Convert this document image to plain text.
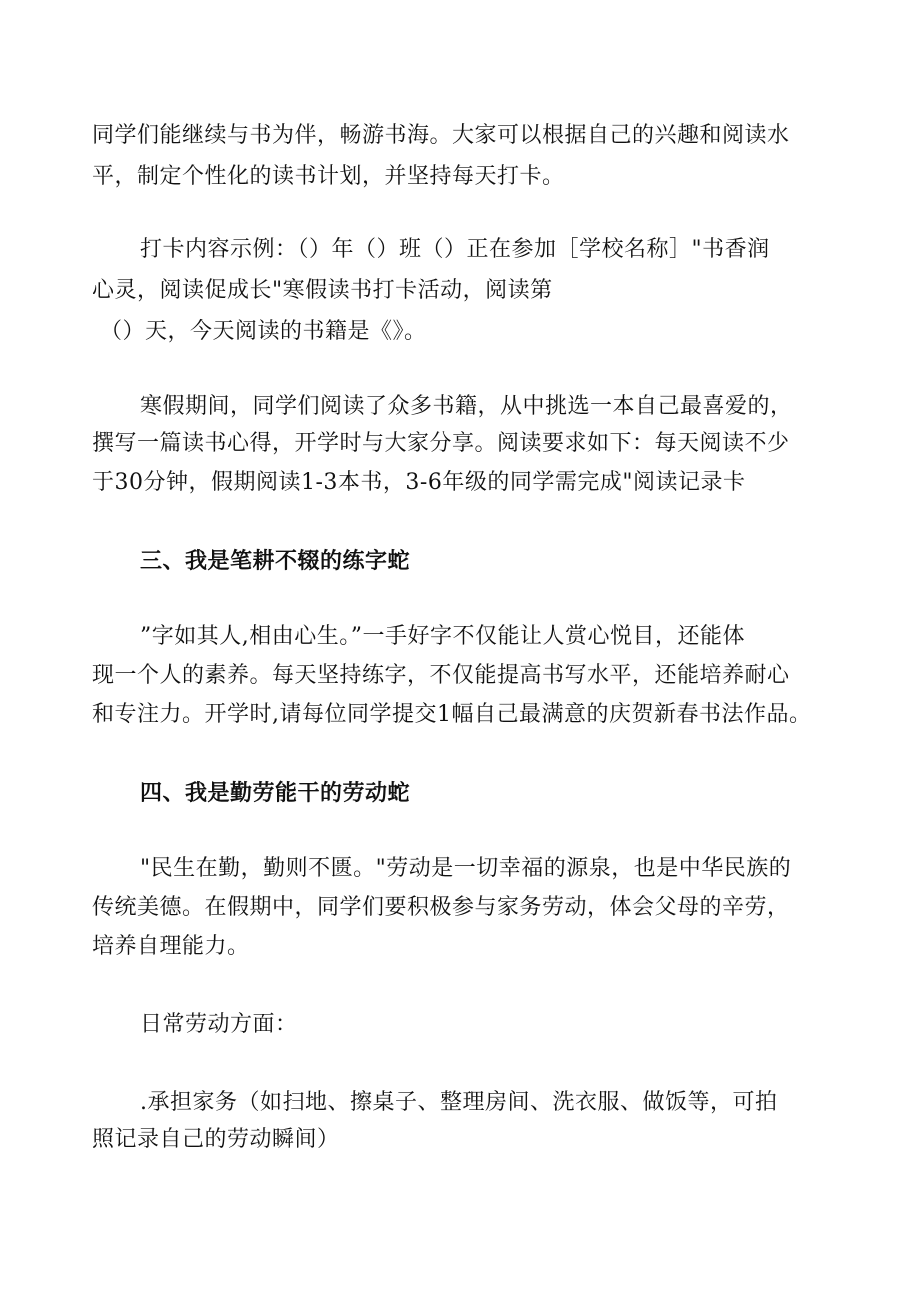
同学们能继续与书为伴，畅游书海。大家可以根据自己的兴趣和阅读水
平，制定个性化的读书计划，并坚持每天打卡。
打卡内容示例：（）年（）班（）正在参加［学校名称］"书香润
心灵，阅读促成长"寒假读书打卡活动，阅读第
（）天，今天阅读的书籍是《》。
寒假期间，同学们阅读了众多书籍，从中挑选一本自己最喜爱的，
撰写一篇读书心得，开学时与大家分享。阅读要求如下：每天阅读不少
于30分钟，假期阅读1-3本书，3-6年级的同学需完成"阅读记录卡
三、我是笔耕不辍的练字蛇
”字如其人,相由心生。”一手好字不仅能让人赏心悦目，还能体
现一个人的素养。每天坚持练字，不仅能提高书写水平，还能培养耐心
和专注力。开学时,请每位同学提交1幅自己最满意的庆贺新春书法作品。
四、我是勤劳能干的劳动蛇
"民生在勤，勤则不匮。"劳动是一切幸福的源泉，也是中华民族的
传统美德。在假期中，同学们要积极参与家务劳动，体会父母的辛劳，
培养自理能力。
日常劳动方面：
.承担家务（如扫地、擦桌子、整理房间、洗衣服、做饭等，可拍
照记录自己的劳动瞬间）
